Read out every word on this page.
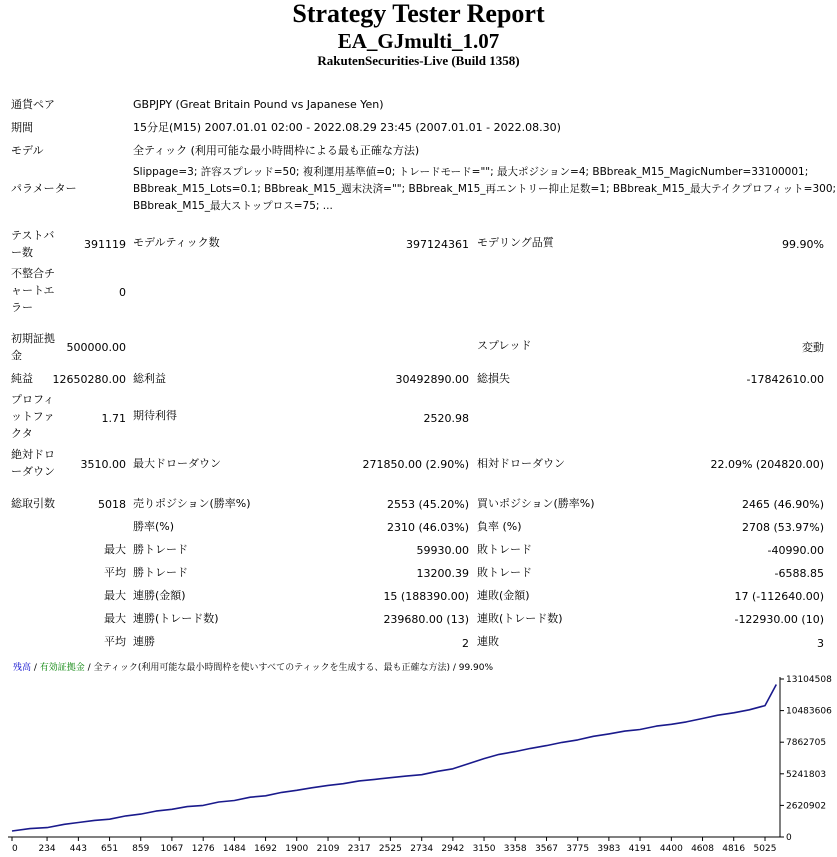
Strategy Tester Report
EA_GJmulti_1.07
RakutenSecurities-Live (Build 1358)
通貨ペア	GBPJPY (Great Britain Pound vs Japanese Yen)
期間	15分足(M15) 2007.01.01 02:00 - 2022.08.29 23:45 (2007.01.01 - 2022.08.30)
モデル	全ティック (利用可能な最小時間枠による最も正確な方法)
パラメーター
Slippage=3; 許容スプレッド=50; 複利運用基準値=0; トレードモード=""; 最大ポジション=4; BBbreak_M15_MagicNumber=33100001;
BBbreak_M15_Lots=0.1; BBbreak_M15_週末決済=""; BBbreak_M15_再エントリー抑止足数=1; BBbreak_M15_最大テイクプロフィット=300;
BBbreak_M15_最大ストップロス=75; ...
テストバ
ー数
391119 モデルティック数	397124361 モデリング品質	99.90%
不整合チ
ャートエ
ラー
0
初期証拠
金
500000.00	スプレッド	変動
純益 12650280.00 総利益	30492890.00 総損失	-17842610.00
プロフィ
ットファ
クタ
1.71 期待利得	2520.98
絶対ドロ
ーダウン
3510.00 最大ドローダウン	271850.00 (2.90%) 相対ドローダウン	22.09% (204820.00)
総取引数	5018 売りポジション(勝率%)	2553 (45.20%) 買いポジション(勝率%)	2465 (46.90%)
勝率(%)	2310 (46.03%) 負率 (%)	2708 (53.97%)
最大 勝トレード	59930.00 敗トレード	-40990.00
平均 勝トレード	13200.39 敗トレード	-6588.85
最大 連勝(金額)	15 (188390.00) 連敗(金額)	17 (-112640.00)
最大 連勝(トレード数)	239680.00 (13) 連敗(トレード数)	-122930.00 (10)
平均 連勝	2 連敗	3
残高 / 有効証拠金 / 全ティック(利用可能な最小時間枠を使いすべてのティックを生成する、最も正確な方法) / 99.90%
13104508
10483606
7862705
5241803
2620902
0
0 234 443 651 859 1067 1276 1484 1692 1900 2109 2317 2525 2734 2942 3150 3358 3567 3775 3983 4191 4400 4608 4816 5025
